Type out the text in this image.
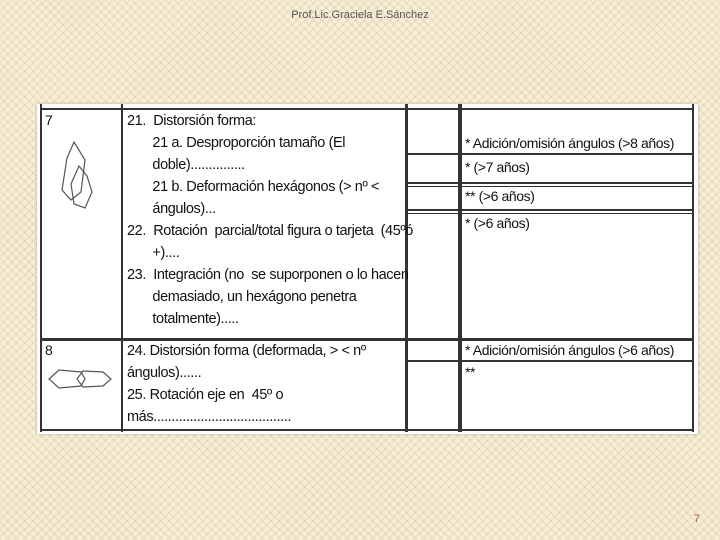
Prof.Lic.Graciela E.Sánchez
7	21.  Distorsión forma:
21 a. Desproporción tamaño (El
doble)...............
21 b. Deformación hexágonos (> nº <
ángulos)...
22.  Rotación  parcial/total figura o tarjeta  (45ºó
+)....
23.  Integración (no  se suporponen o lo hacen
demasiado, un hexágono penetra
totalmente).....
* Adición/omisión ángulos (>8 años)
* (>7 años)
** (>6 años)
* (>6 años)
8	24. Distorsión forma (deformada, > < nº
ángulos)......
25. Rotación eje en  45º o
más......................................
* Adición/omisión ángulos (>6 años)
**
7
